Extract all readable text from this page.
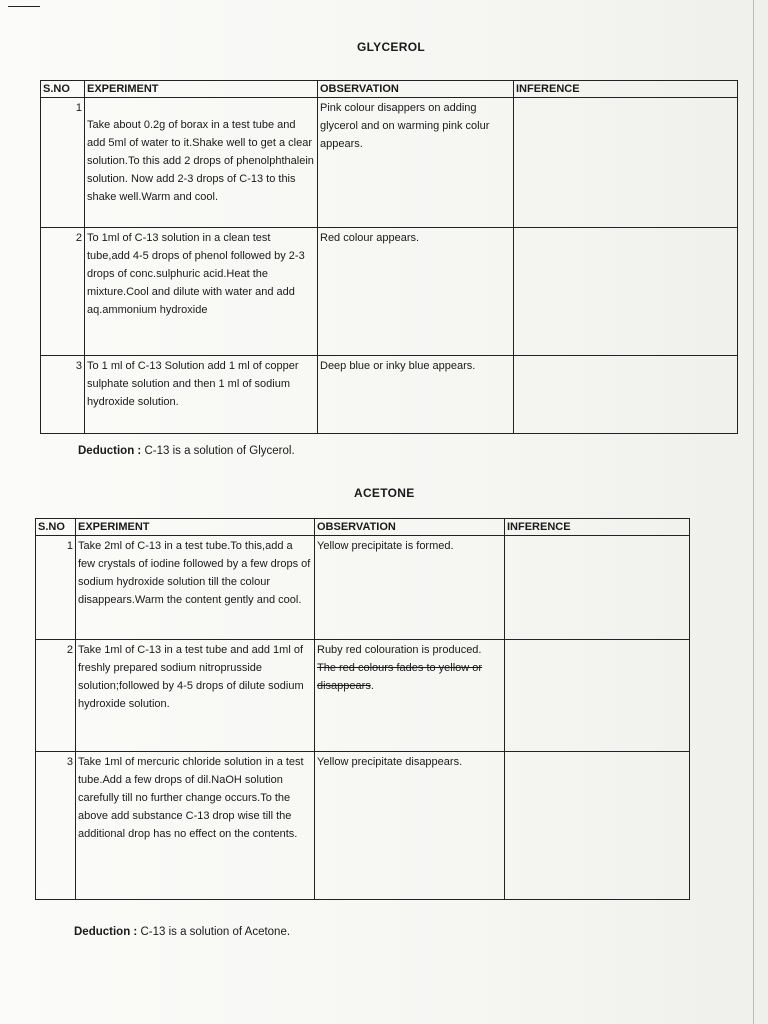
GLYCEROL
S.NO	EXPERIMENT	OBSERVATION	INFERENCE
1	Take about 0.2g of borax in a test tube and add 5ml of water to it.Shake well to get a clear solution.To this add 2 drops of phenolphthalein solution. Now add 2-3 drops of C-13 to this shake well.Warm and cool.	Pink colour disappers on adding glycerol and on warming pink colur appears.	
2	To 1ml of C-13 solution in a clean test tube,add 4-5 drops of phenol followed by 2-3 drops of conc.sulphuric acid.Heat the mixture.Cool and dilute with water and add aq.ammonium hydroxide	Red colour appears.	
3	To 1 ml of C-13 Solution add 1 ml of copper sulphate solution and then 1 ml of sodium hydroxide solution.	Deep blue or inky blue appears.	
Deduction : C-13 is a solution of Glycerol.
ACETONE
S.NO	EXPERIMENT	OBSERVATION	INFERENCE
1	Take 2ml of C-13 in a test tube.To this,add a few crystals of iodine followed by a few drops of sodium hydroxide solution till the colour disappears.Warm the content gently and cool.	Yellow precipitate is formed.	
2	Take 1ml of C-13 in a test tube and add 1ml of freshly prepared sodium nitroprusside solution;followed by 4-5 drops of dilute sodium hydroxide solution.	Ruby red colouration is produced. The red colours fades to yellow or disappears.	
3	Take 1ml of mercuric chloride solution in a test tube.Add a few drops of dil.NaOH solution carefully till no further change occurs.To the above add substance C-13 drop wise till the additional drop has no effect on the contents.	Yellow precipitate disappears.	
Deduction : C-13 is a solution of Acetone.
